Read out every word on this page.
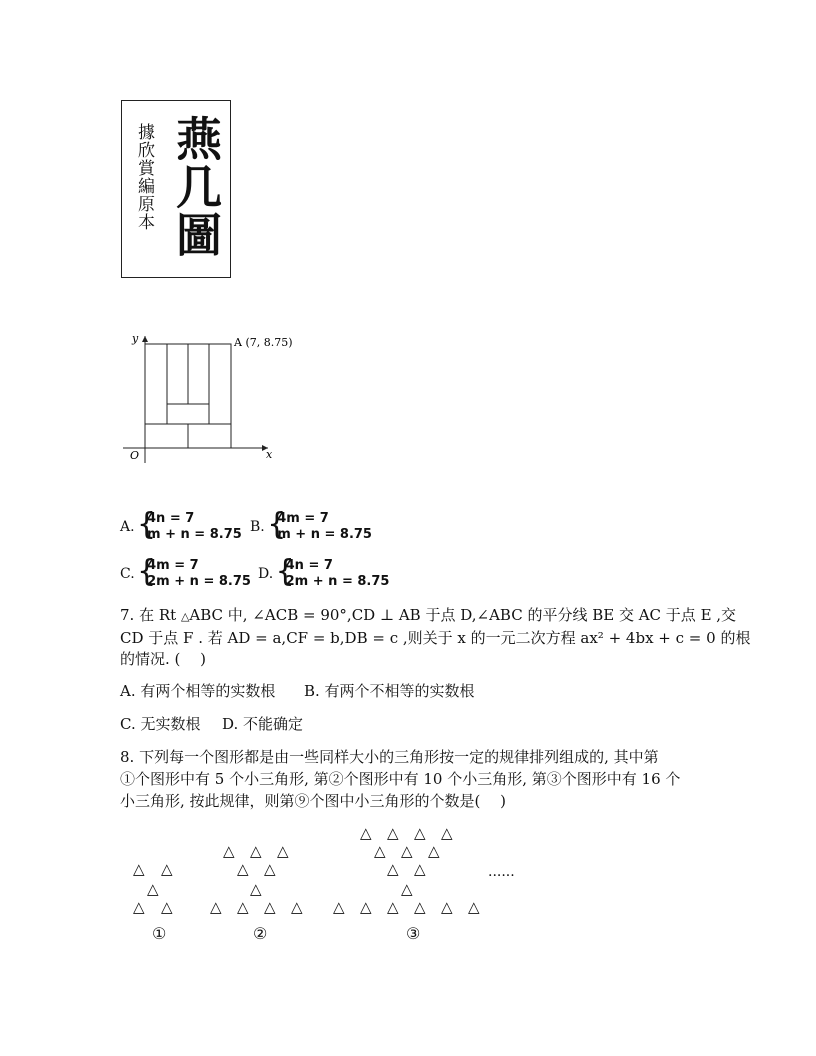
燕几圖
據欣賞編原本
y
x
O
A (7, 8.75)
A. { 4n = 7
m + n = 8.75 B. { 4m = 7
m + n = 8.75
C. { 4m = 7
2m + n = 8.75 D. { 4n = 7
2m + n = 8.75
7. 在 Rt △ABC 中, ∠ACB = 90°,CD ⊥ AB 于点 D,∠ABC 的平分线 BE 交 AC 于点 E ,交
CD 于点 F . 若 AD = a,CF = b,DB = c ,则关于 x 的一元二次方程 ax² + 4bx + c = 0 的根
的情况. (　 )
A. 有两个相等的实数根 B. 有两个不相等的实数根
C. 无实数根 D. 不能确定
8. 下列每一个图形都是由一些同样大小的三角形按一定的规律排列组成的, 其中第
①个图形中有 5 个小三角形, 第②个图形中有 10 个小三角形, 第③个图形中有 16 个
小三角形, 按此规律，则第⑨个图中小三角形的个数是(　 )
△ △
△
△ △
△ △ △
△ △
△
△ △ △ △
△ △ △ △
△ △ △
△ △
△
△ △ △ △ △ △
......
①	②	③
